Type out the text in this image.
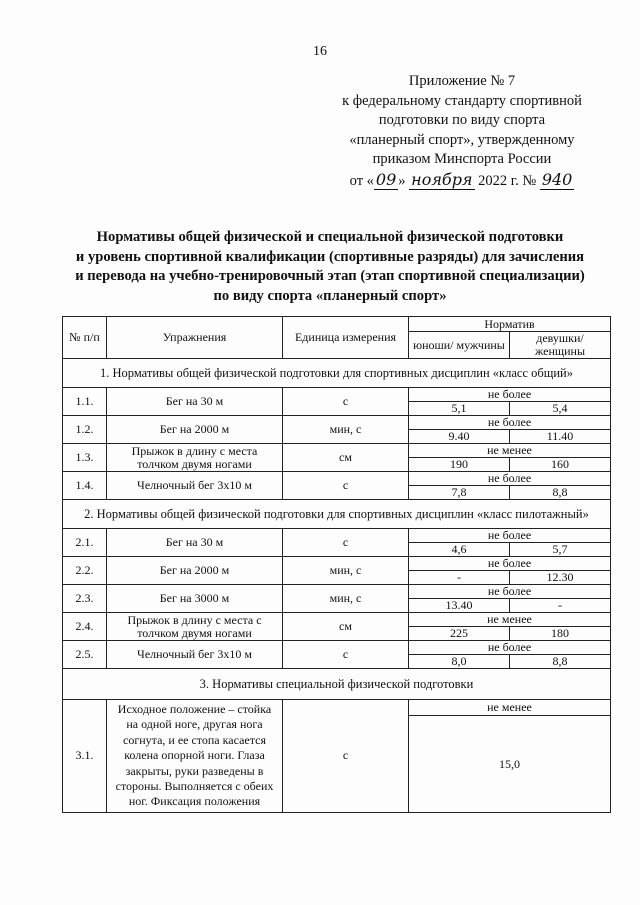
16
Приложение № 7
к федеральному стандарту спортивной
подготовки по виду спорта
«планерный спорт», утвержденному
приказом Минспорта России
от « 09 » ноября 2022 г. № 940
Нормативы общей физической и специальной физической подготовки
и уровень спортивной квалификации (спортивные разряды) для зачисления
и перевода на учебно-тренировочный этап (этап спортивной специализации)
по виду спорта «планерный спорт»
№ п/п	Упражнения	Единица измерения	Норматив	
			юноши/ мужчины	девушки/ женщины
1. Нормативы общей физической подготовки для спортивных дисциплин «класс общий»				
1.1.	Бег на 30 м	с	не более	
			5,1	5,4
1.2.	Бег на 2000 м	мин, с	не более	
			9.40	11.40
1.3.	Прыжок в длину с места толчком двумя ногами	см	не менее	
			190	160
1.4.	Челночный бег 3х10 м	с	не более	
			7,8	8,8
2. Нормативы общей физической подготовки для спортивных дисциплин «класс пилотажный»				
2.1.	Бег на 30 м	с	не более	
			4,6	5,7
2.2.	Бег на 2000 м	мин, с	не более	
			-	12.30
2.3.	Бег на 3000 м	мин, с	не более	
			13.40	-
2.4.	Прыжок в длину с места с толчком двумя ногами	см	не менее	
			225	180
2.5.	Челночный бег 3х10 м	с	не более	
			8,0	8,8
3. Нормативы специальной физической подготовки				
3.1.	Исходное положение – стойка на одной ноге, другая нога согнута, и ее стопа касается колена опорной ноги. Глаза закрыты, руки разведены в стороны. Выполняется с обеих ног. Фиксация положения	с	не менее	
			15,0	
